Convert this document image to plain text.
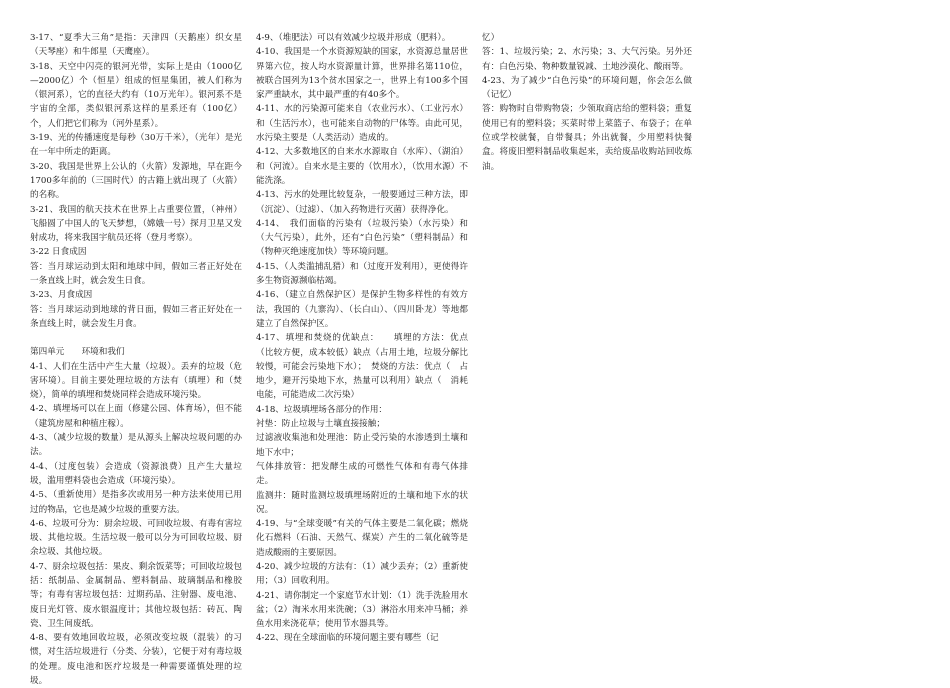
3-17、“夏季大三角”是指：天津四（天鹅座）织女星（天琴座）和牛郎星（天鹰座）。

3-18、天空中闪亮的银河光带，实际上是由（1000亿—2000亿）个（恒星）组成的恒星集团，被人们称为（银河系），它的直径大约有（10万光年）。银河系不是宇宙的全部，类似银河系这样的星系还有（100亿）个，人们把它们称为（河外星系）。

3-19、光的传播速度是每秒（30万千米），（光年）是光在一年中所走的距离。

3-20、我国是世界上公认的（火箭）发源地，早在距今1700多年前的（三国时代）的古籍上就出现了（火箭）的名称。

3-21、我国的航天技术在世界上占重要位置，（神州）飞船圆了中国人的飞天梦想，（嫦娥一号）探月卫星又发射成功，将来我国宇航员还将（登月考察）。

3-22 日食成因

答：当月球运动到太阳和地球中间，假如三者正好处在一条直线上时，就会发生日食。

3-23、月食成因

答：当月球运动到地球的背日面，假如三者正好处在一条直线上时，就会发生月食。

第四单元　　环境和我们

4-1、人们在生活中产生大量（垃圾）。丢弃的垃圾（危害环境）。目前主要处理垃圾的方法有（填埋）和（焚烧），简单的填埋和焚烧同样会造成环境污染。

4-2、填埋场可以在上面（修建公园、体育场），但不能（建筑房屋和种植庄稼）。

4-3、（减少垃圾的数量）是从源头上解决垃圾问题的办法。

4-4、（过度包装）会造成（资源浪费）且产生大量垃圾，滥用塑料袋也会造成（环境污染）。

4-5、（重新使用）是指多次或用另一种方法来使用已用过的物品，它也是减少垃圾的重要方法。

4-6、垃圾可分为：厨余垃圾、可回收垃圾、有毒有害垃圾、其他垃圾。生活垃圾一般可以分为可回收垃圾、厨余垃圾、其他垃圾。

4-7、厨余垃圾包括：果皮、剩余饭菜等；可回收垃圾包括：纸制品、金属制品、塑料制品、玻璃制品和橡胶等；有毒有害垃圾包括：过期药品、注射器、废电池、废日光灯管、废水银温度计；其他垃圾包括：砖瓦、陶瓷、卫生间废纸。

4-8、要有效地回收垃圾，必须改变垃圾（混装）的习惯，对生活垃圾进行（分类、分装），它便于对有毒垃圾的处理。废电池和医疗垃圾是一种需要谨慎处理的垃圾。

4-9、（堆肥法）可以有效减少垃圾并形成（肥料）。

4-10、我国是一个水资源短缺的国家，水资源总量居世界第六位，按人均水资源量计算，世界排名第110位，被联合国列为13个贫水国家之一，世界上有100多个国家严重缺水，其中最严重的有40多个。

4-11、水的污染源可能来自（农业污水）、（工业污水）和（生活污水），也可能来自动物的尸体等。由此可见，水污染主要是（人类活动）造成的。

4-12、大多数地区的自来水水源取自（水库）、（湖泊）和（河流）。自来水是主要的（饮用水），（饮用水源）不能洗涤。

4-13、污水的处理比较复杂，一般要通过三种方法，即（沉淀）、（过滤）、（加入药物进行灭菌）获得净化。

4-14、　我们面临的污染有（垃圾污染）（水污染）和（大气污染），此外，还有“白色污染”（塑料制品）和（物种灭绝速度加快）等环境问题。

4-15、（人类滥捕乱猎）和（过度开发利用），更使得许多生物资源濒临枯竭。

4-16、（建立自然保护区）是保护生物多样性的有效方法，我国的（九寨沟）、（长白山）、（四川卧龙）等地都建立了自然保护区。

4-17、填埋和焚烧的优缺点：　　填埋的方法：优点（比较方便，成本较低）缺点（占用土地，垃圾分解比较慢，可能会污染地下水）；　焚烧的方法：优点（　占地少，避开污染地下水，热量可以利用）缺点（　消耗电能，可能造成二次污染）

4-18、垃圾填埋场各部分的作用：

衬垫：防止垃圾与土壤直接接触；

过滤液收集池和处理池：防止受污染的水渗透到土壤和地下水中；

气体排放管：把发酵生成的可燃性气体和有毒气体排走。

监测井：随时监测垃圾填埋场附近的土壤和地下水的状况。

4-19、与“全球变暖”有关的气体主要是二氧化碳；燃烧化石燃料（石油、天然气、煤炭）产生的二氧化硫等是造成酸雨的主要原因。

4-20、减少垃圾的方法有：（1）减少丢弃；（2）重新使用；（3）回收利用。

4-21、请你制定一个家庭节水计划：（1）洗手洗脸用水盆；（2）淘米水用来洗碗；（3）淋浴水用来冲马桶；养鱼水用来浇花草；使用节水器具等。

4-22、现在全球面临的环境问题主要有哪些（记

忆）

答：1、垃圾污染；2、水污染；3、大气污染。另外还有：白色污染、物种数量锐减、土地沙漠化、酸雨等。

4-23、为了减少“白色污染”的环境问题，你会怎么做（记忆）

答：购物时自带购物袋；少领取商店给的塑料袋；重复使用已有的塑料袋；买菜时带上菜篮子、布袋子；在单位或学校就餐，自带餐具；外出就餐，少用塑料快餐盒。将废旧塑料制品收集起来，卖给废品收购站回收炼油。
